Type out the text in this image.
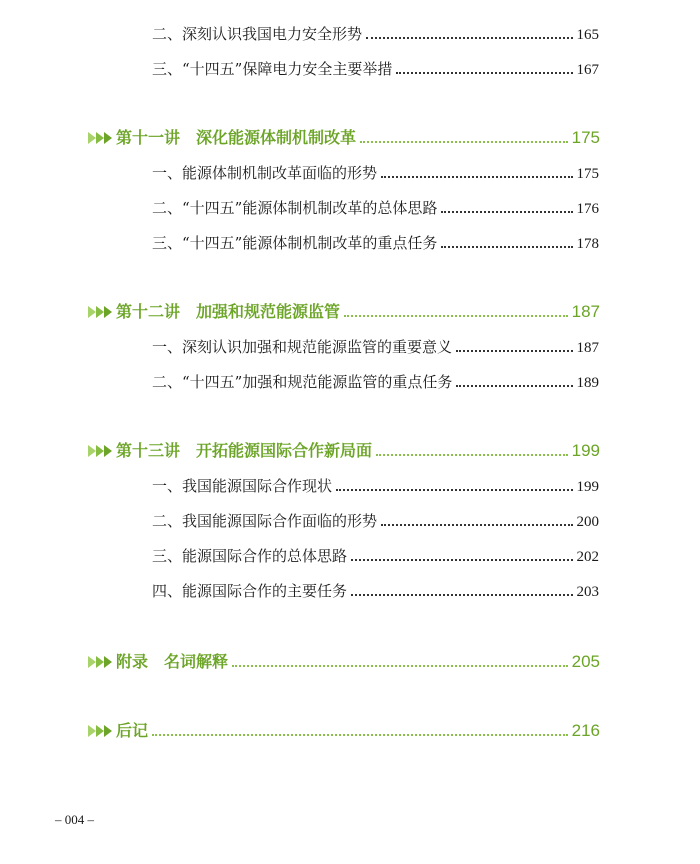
二、深刻认识我国电力安全形势	165
三、“十四五”保障电力安全主要举措	167
第十一讲　深化能源体制机制改革	175
一、能源体制机制改革面临的形势	175
二、“十四五”能源体制机制改革的总体思路	176
三、“十四五”能源体制机制改革的重点任务	178
第十二讲　加强和规范能源监管	187
一、深刻认识加强和规范能源监管的重要意义	187
二、“十四五”加强和规范能源监管的重点任务	189
第十三讲　开拓能源国际合作新局面	199
一、我国能源国际合作现状	199
二、我国能源国际合作面临的形势	200
三、能源国际合作的总体思路	202
四、能源国际合作的主要任务	203
附录　名词解释	205
后记	216
– 004 –
